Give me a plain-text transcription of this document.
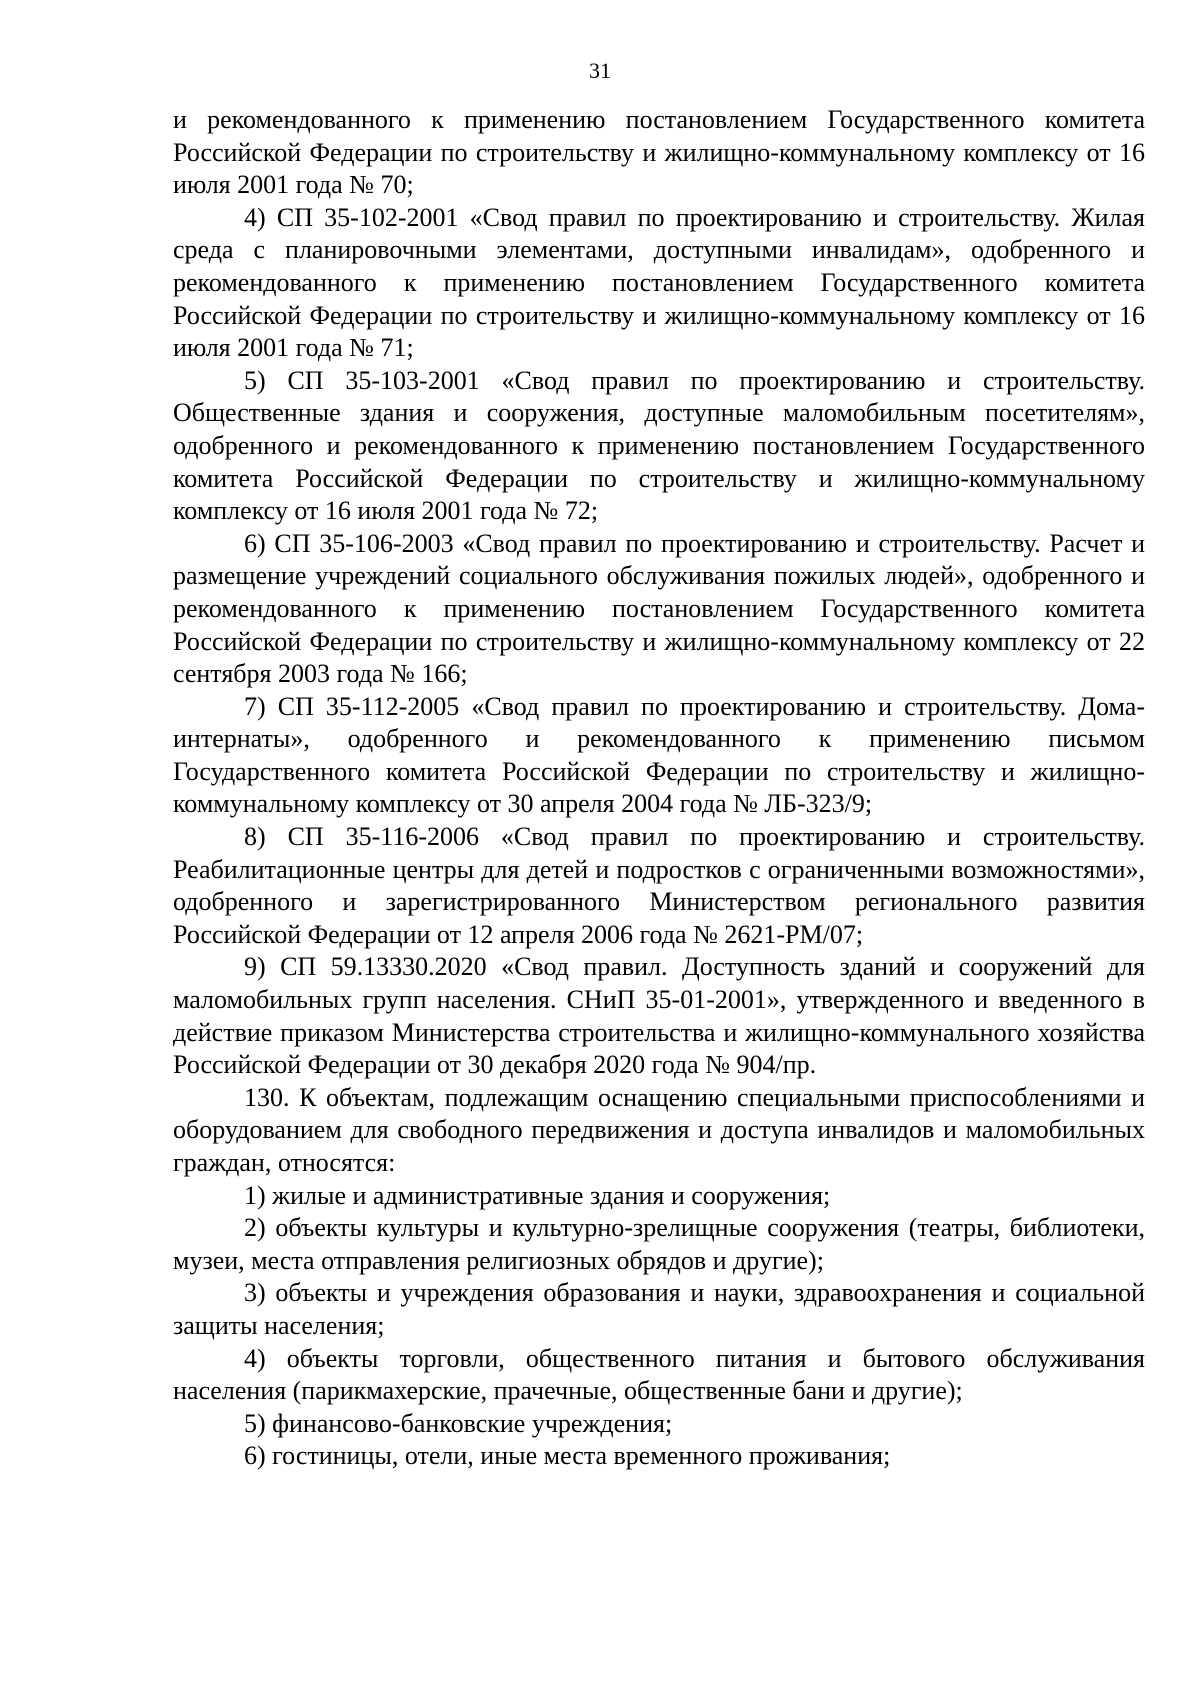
31

и рекомендованного к применению постановлением Государственного комитета Российской Федерации по строительству и жилищно-коммунальному комплексу от 16 июля 2001 года № 70;

4) СП 35-102-2001 «Свод правил по проектированию и строительству. Жилая среда с планировочными элементами, доступными инвалидам», одобренного и рекомендованного к применению постановлением Государственного комитета Российской Федерации по строительству и жилищно-коммунальному комплексу от 16 июля 2001 года № 71;

5) СП 35-103-2001 «Свод правил по проектированию и строительству. Общественные здания и сооружения, доступные маломобильным посетителям», одобренного и рекомендованного к применению постановлением Государственного комитета Российской Федерации по строительству и жилищно-коммунальному комплексу от 16 июля 2001 года № 72;

6) СП 35-106-2003 «Свод правил по проектированию и строительству. Расчет и размещение учреждений социального обслуживания пожилых людей», одобренного и рекомендованного к применению постановлением Государственного комитета Российской Федерации по строительству и жилищно-коммунальному комплексу от 22 сентября 2003 года № 166;

7) СП 35-112-2005 «Свод правил по проектированию и строительству. Дома-интернаты», одобренного и рекомендованного к применению письмом Государственного комитета Российской Федерации по строительству и жилищно-коммунальному комплексу от 30 апреля 2004 года № ЛБ-323/9;

8) СП 35-116-2006 «Свод правил по проектированию и строительству. Реабилитационные центры для детей и подростков с ограниченными возможностями», одобренного и зарегистрированного Министерством регионального развития Российской Федерации от 12 апреля 2006 года № 2621-РМ/07;

9) СП 59.13330.2020 «Свод правил. Доступность зданий и сооружений для маломобильных групп населения. СНиП 35-01-2001», утвержденного и введенного в действие приказом Министерства строительства и жилищно-коммунального хозяйства Российской Федерации от 30 декабря 2020 года № 904/пр.

130. К объектам, подлежащим оснащению специальными приспособлениями и оборудованием для свободного передвижения и доступа инвалидов и маломобильных граждан, относятся:

1) жилые и административные здания и сооружения;

2) объекты культуры и культурно-зрелищные сооружения (театры, библиотеки, музеи, места отправления религиозных обрядов и другие);

3) объекты и учреждения образования и науки, здравоохранения и социальной защиты населения;

4) объекты торговли, общественного питания и бытового обслуживания населения (парикмахерские, прачечные, общественные бани и другие);

5) финансово-банковские учреждения;

6) гостиницы, отели, иные места временного проживания;
